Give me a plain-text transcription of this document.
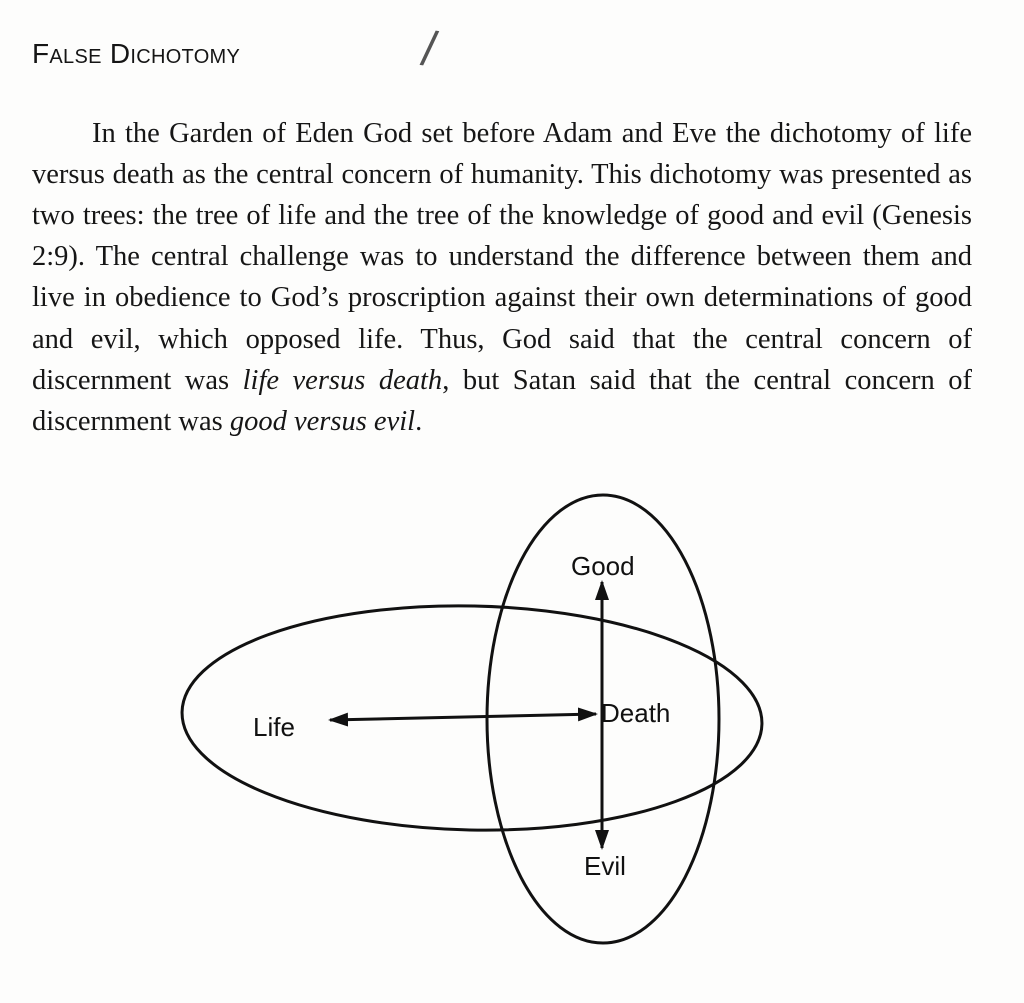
False Dichotomy	/

In the Garden of Eden God set before Adam and Eve the dichotomy of life versus death as the central concern of humanity. This dichotomy was presented as two trees: the tree of life and the tree of the knowledge of good and evil (Genesis 2:9). The central challenge was to understand the difference between them and live in obedience to God’s proscription against their own determinations of good and evil, which opposed life. Thus, God said that the central concern of discernment was life versus death, but Satan said that the central concern of discernment was good versus evil.

Good
Life	Death
Evil
